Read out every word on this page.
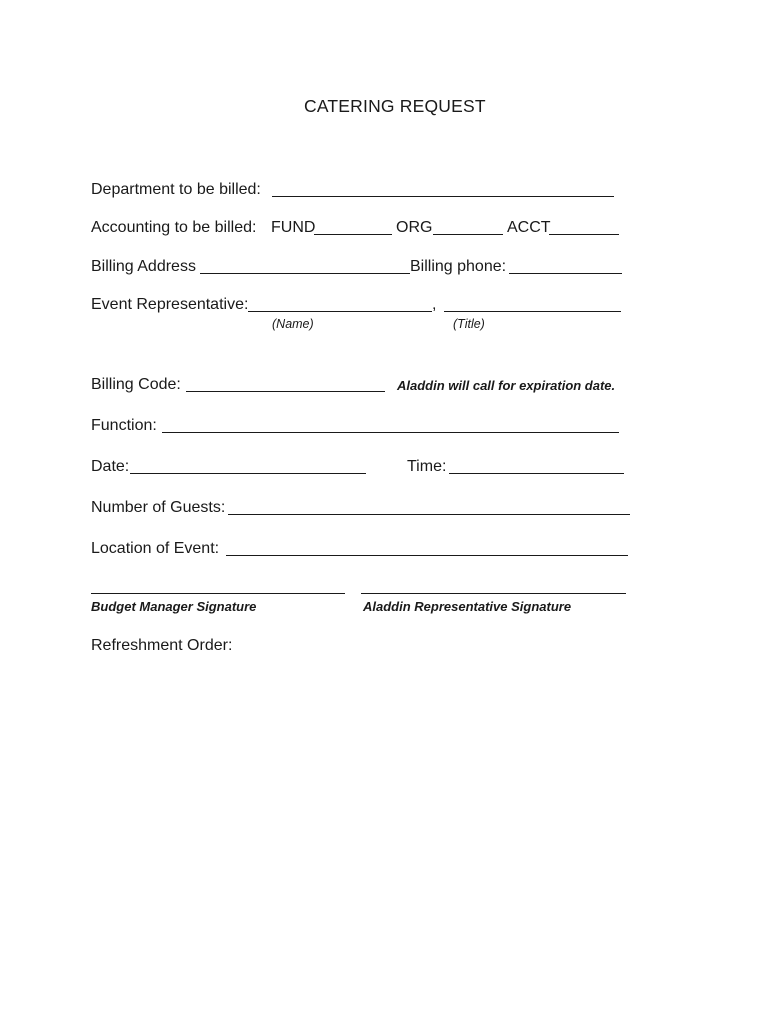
CATERING REQUEST
Department to be billed:
Accounting to be billed: FUND	ORG	ACCT
Billing Address	Billing phone:
Event Representative:	,
(Name)	(Title)
Billing Code:	Aladdin will call for expiration date.
Function:
Date:	Time:
Number of Guests:
Location of Event:
Budget Manager Signature	Aladdin Representative Signature
Refreshment Order:
